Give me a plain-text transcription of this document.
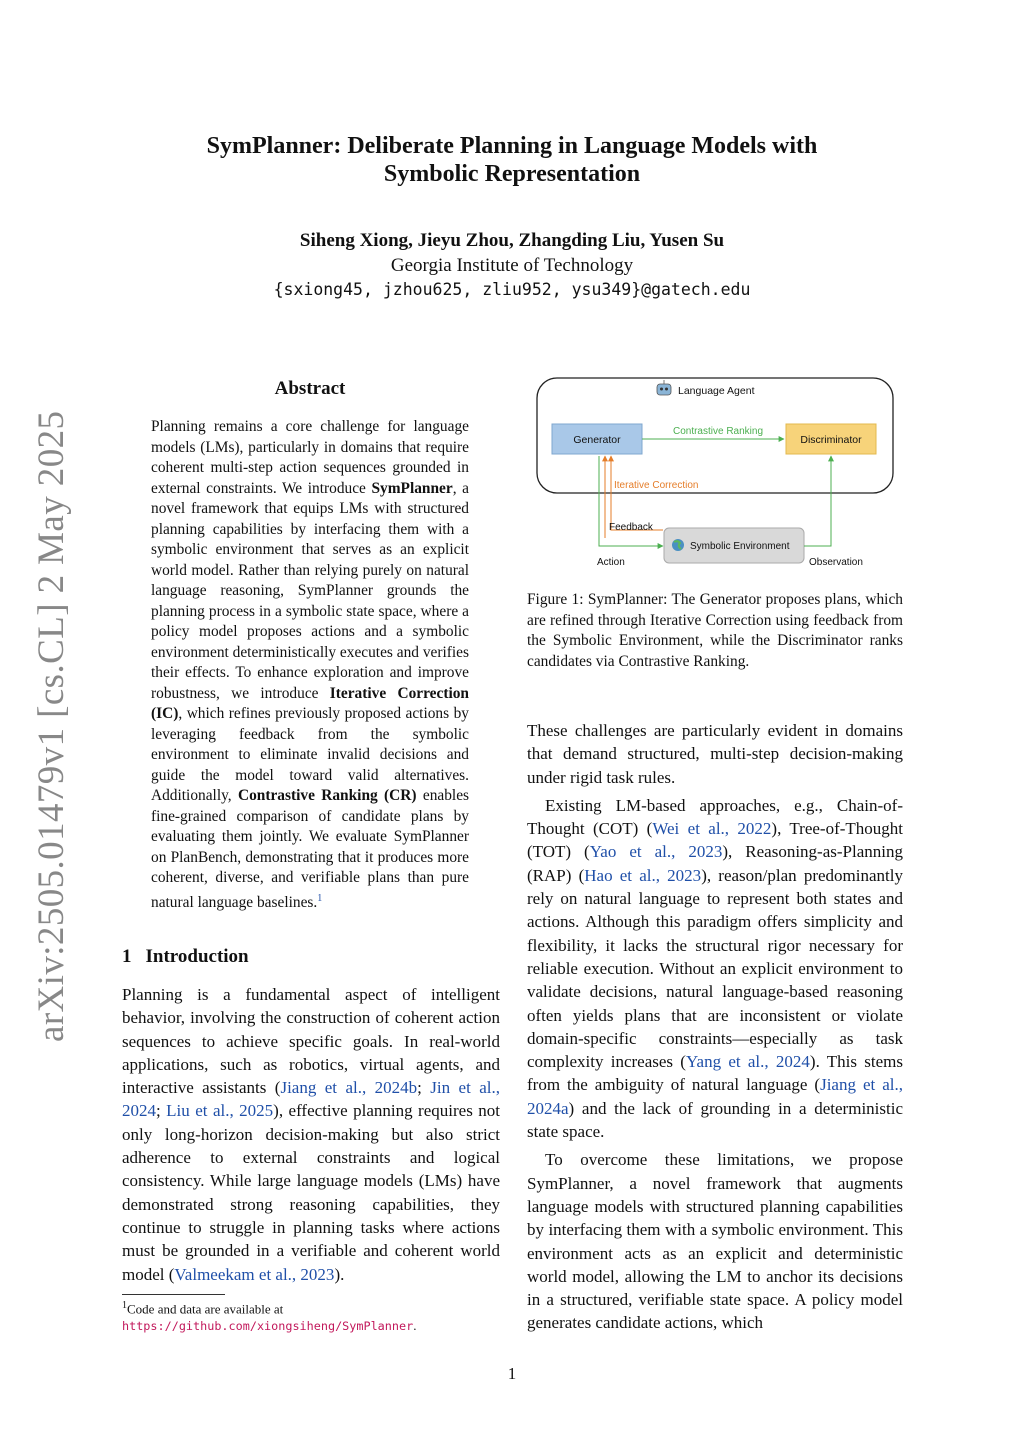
arXiv:2505.01479v1 [cs.CL] 2 May 2025
SymPlanner: Deliberate Planning in Language Models with
Symbolic Representation
Siheng Xiong, Jieyu Zhou, Zhangding Liu, Yusen Su
Georgia Institute of Technology
{sxiong45, jzhou625, zliu952, ysu349}@gatech.edu
Abstract
Planning remains a core challenge for language models (LMs), particularly in domains that require coherent multi-step action sequences grounded in external constraints. We introduce SymPlanner, a novel framework that equips LMs with structured planning capabilities by interfacing them with a symbolic environment that serves as an explicit world model. Rather than relying purely on natural language reasoning, SymPlanner grounds the planning process in a symbolic state space, where a policy model proposes actions and a symbolic environment deterministically executes and verifies their effects. To enhance exploration and improve robustness, we introduce Iterative Correction (IC), which refines previously proposed actions by leveraging feedback from the symbolic environment to eliminate invalid decisions and guide the model toward valid alternatives. Additionally, Contrastive Ranking (CR) enables fine-grained comparison of candidate plans by evaluating them jointly. We evaluate SymPlanner on PlanBench, demonstrating that it produces more coherent, diverse, and verifiable plans than pure natural language baselines.$^1$
1 Introduction
Planning is a fundamental aspect of intelligent behavior, involving the construction of coherent action sequences to achieve specific goals. In real-world applications, such as robotics, virtual agents, and interactive assistants (Jiang et al., 2024b; Jin et al., 2024; Liu et al., 2025), effective planning requires not only long-horizon decision-making but also strict adherence to external constraints and logical consistency. While large language models (LMs) have demonstrated strong reasoning capabilities, they continue to struggle in planning tasks where actions must be grounded in a verifiable and coherent world model (Valmeekam et al., 2023).
$^1$Code and data are available at https://github.com/xiongsiheng/SymPlanner.
Language Agent
Generator	Discriminator
Contrastive Ranking
Iterative Correction
Feedback
Action
Symbolic Environment
Observation
Figure 1: SymPlanner: The Generator proposes plans, which are refined through Iterative Correction using feedback from the Symbolic Environment, while the Discriminator ranks candidates via Contrastive Ranking.

These challenges are particularly evident in domains that demand structured, multi-step decision-making under rigid task rules.

Existing LM-based approaches, e.g., Chain-of-Thought (COT) (Wei et al., 2022), Tree-of-Thought (TOT) (Yao et al., 2023), Reasoning-as-Planning (RAP) (Hao et al., 2023), reason/plan predominantly rely on natural language to represent both states and actions. Although this paradigm offers simplicity and flexibility, it lacks the structural rigor necessary for reliable execution. Without an explicit environment to validate decisions, natural language-based reasoning often yields plans that are inconsistent or violate domain-specific constraints—especially as task complexity increases (Yang et al., 2024). This stems from the ambiguity of natural language (Jiang et al., 2024a) and the lack of grounding in a deterministic state space.

To overcome these limitations, we propose SymPlanner, a novel framework that augments language models with structured planning capabilities by interfacing them with a symbolic environment. This environment acts as an explicit and deterministic world model, allowing the LM to anchor its decisions in a structured, verifiable state space. A policy model generates candidate actions, which

1
